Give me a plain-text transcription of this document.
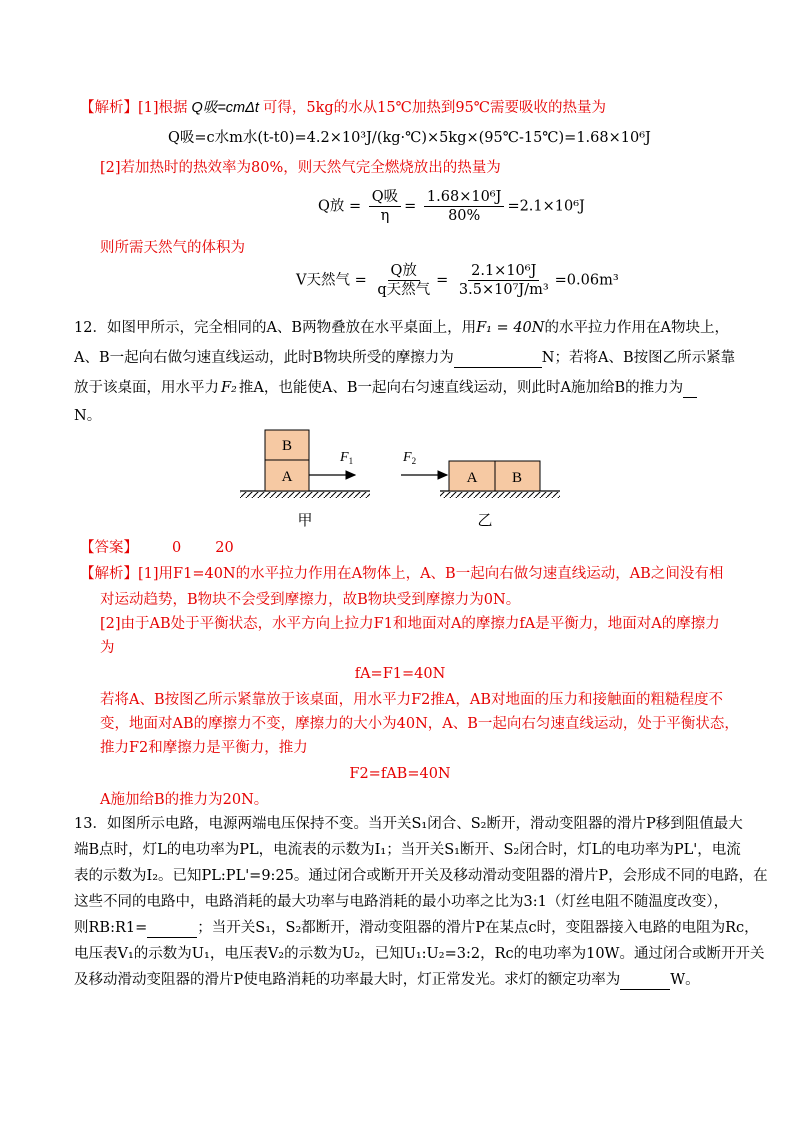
【解析】[1]根据 Q吸=cmΔt 可得，5kg的水从15℃加热到95℃需要吸收的热量为
Q吸=c水m水(t-t0)=4.2×10³J/(kg·℃)×5kg×(95℃-15℃)=1.68×10⁶J
[2]若加热时的热效率为80%，则天然气完全燃烧放出的热量为
Q放 = $\frac{\text{Q吸}}{\eta} = \frac{\text{1.68×10⁶J}}{80\%} =2.1\times 10^6J$
则所需天然气的体积为
V天然气 = $\frac{\text{Q放}}{\text{q天然气}} = \frac{\text{2.1×10⁶J}}{\text{3.5×10⁷J/m³}} =0.06m^3$
12．如图甲所示，完全相同的A、B两物叠放在水平桌面上，用F₁ = 40N的水平拉力作用在A物块上，
A、B一起向右做匀速直线运动，此时B物块所受的摩擦力为	N；若将A、B按图乙所示紧靠
放于该桌面，用水平力 F₂ 推A，也能使A、B一起向右匀速直线运动，则此时A施加给B的推力为
N。
B
A
$F_1$
甲
A B
$F_2$
乙
【答案】 0 20
【解析】[1]用F1=40N的水平拉力作用在A物体上，A、B一起向右做匀速直线运动，AB之间没有相
对运动趋势，B物块不会受到摩擦力，故B物块受到摩擦力为0N。
[2]由于AB处于平衡状态，水平方向上拉力F1和地面对A的摩擦力fA是平衡力，地面对A的摩擦力
为
fA=F1=40N
若将A、B按图乙所示紧靠放于该桌面，用水平力F2推A，AB对地面的压力和接触面的粗糙程度不
变，地面对AB的摩擦力不变，摩擦力的大小为40N，A、B一起向右匀速直线运动，处于平衡状态，
推力F2和摩擦力是平衡力，推力
F2=fAB=40N
A施加给B的推力为20N。
13．如图所示电路，电源两端电压保持不变。当开关S₁闭合、S₂断开，滑动变阻器的滑片P移到阻值最大
端B点时，灯L的电功率为PL，电流表的示数为I₁；当开关S₁断开、S₂闭合时，灯L的电功率为PL'，电流
表的示数为I₂。已知PL:PL'=9:25。通过闭合或断开开关及移动滑动变阻器的滑片P，会形成不同的电路，在
这些不同的电路中，电路消耗的最大功率与电路消耗的最小功率之比为3:1（灯丝电阻不随温度改变），
则RB:R1=	；当开关S₁，S₂都断开，滑动变阻器的滑片P在某点c时，变阻器接入电路的电阻为Rc，
电压表V₁的示数为U₁，电压表V₂的示数为U₂，已知U₁:U₂=3:2，Rc的电功率为10W。通过闭合或断开开关
及移动滑动变阻器的滑片P使电路消耗的功率最大时，灯正常发光。求灯的额定功率为	W。
